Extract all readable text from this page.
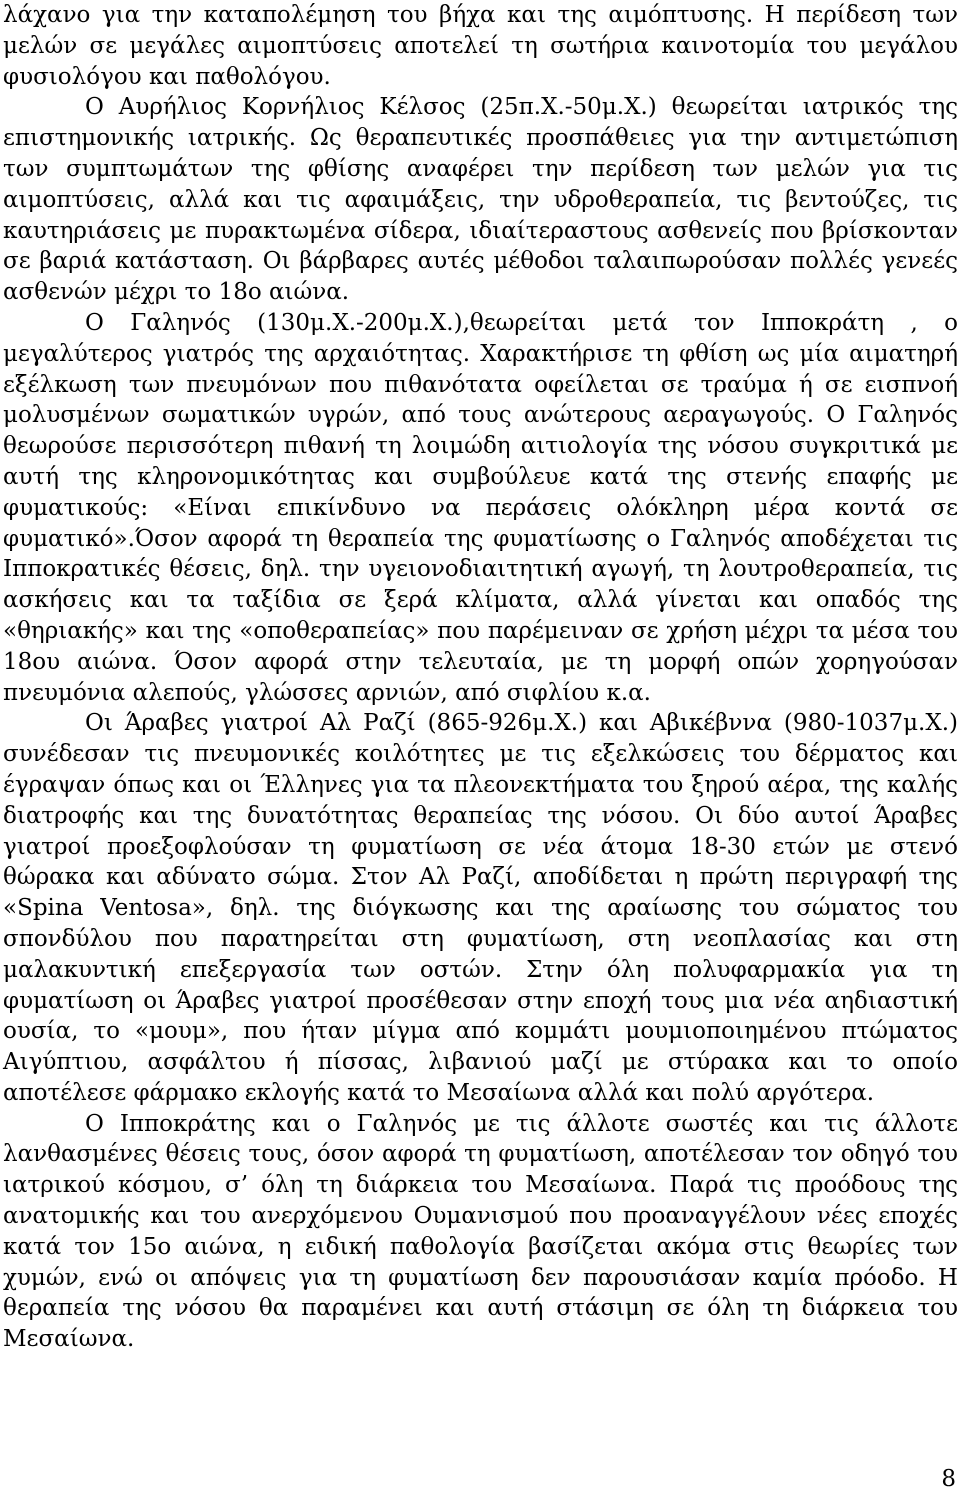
λάχανο για την καταπολέμηση του βήχα και της αιμόπτυσης. Η περίδεση των μελών σε μεγάλες αιμοπτύσεις αποτελεί τη σωτήρια καινοτομία του μεγάλου φυσιολόγου και παθολόγου.

Ο Αυρήλιος Κορνήλιος Κέλσος (25π.Χ.-50μ.Χ.) θεωρείται ιατρικός της επιστημονικής ιατρικής. Ως θεραπευτικές προσπάθειες για την αντιμετώπιση των συμπτωμάτων της φθίσης αναφέρει την περίδεση των μελών για τις αιμοπτύσεις, αλλά και τις αφαιμάξεις, την υδροθεραπεία, τις βεντούζες, τις καυτηριάσεις με πυρακτωμένα σίδερα, ιδιαίτεραστους ασθενείς που βρίσκονταν σε βαριά κατάσταση. Οι βάρβαρες αυτές μέθοδοι ταλαιπωρούσαν πολλές γενεές ασθενών μέχρι το 18ο αιώνα.

Ο Γαληνός (130μ.Χ.-200μ.Χ.),θεωρείται μετά τον Ιπποκράτη , ο μεγαλύτερος γιατρός της αρχαιότητας. Χαρακτήρισε τη φθίση ως μία αιματηρή εξέλκωση των πνευμόνων που πιθανότατα οφείλεται σε τραύμα ή σε εισπνοή μολυσμένων σωματικών υγρών, από τους ανώτερους αεραγωγούς. Ο Γαληνός θεωρούσε περισσότερη πιθανή τη λοιμώδη αιτιολογία της νόσου συγκριτικά με αυτή της κληρονομικότητας και συμβούλευε κατά της στενής επαφής με φυματικούς: «Είναι επικίνδυνο να περάσεις ολόκληρη μέρα κοντά σε φυματικό».Όσον αφορά τη θεραπεία της φυματίωσης ο Γαληνός αποδέχεται τις Ιπποκρατικές θέσεις, δηλ. την υγειονοδιαιτητική αγωγή, τη λουτροθεραπεία, τις ασκήσεις και τα ταξίδια σε ξερά κλίματα, αλλά γίνεται και οπαδός της «θηριακής» και της «οποθεραπείας» που παρέμειναν σε χρήση μέχρι τα μέσα του 18ου αιώνα. Όσον αφορά στην τελευταία, με τη μορφή οπών χορηγούσαν πνευμόνια αλεπούς, γλώσσες αρνιών, από σιφλίου κ.α.

Οι Άραβες γιατροί Αλ Ραζί (865-926μ.Χ.) και Αβικέβννα (980-1037μ.Χ.) συνέδεσαν τις πνευμονικές κοιλότητες με τις εξελκώσεις του δέρματος και έγραψαν όπως και οι Έλληνες για τα πλεονεκτήματα του ξηρού αέρα, της καλής διατροφής και της δυνατότητας θεραπείας της νόσου. Οι δύο αυτοί Άραβες γιατροί προεξοφλούσαν τη φυματίωση σε νέα άτομα 18-30 ετών με στενό θώρακα και αδύνατο σώμα. Στον Αλ Ραζί, αποδίδεται η πρώτη περιγραφή της «Spina Ventosa», δηλ. της διόγκωσης και της αραίωσης του σώματος του σπονδύλου που παρατηρείται στη φυματίωση, στη νεοπλασίας και στη μαλακυντική επεξεργασία των οστών. Στην όλη πολυφαρμακία για τη φυματίωση οι Άραβες γιατροί προσέθεσαν στην εποχή τους μια νέα αηδιαστική ουσία, το «μουμ», που ήταν μίγμα από κομμάτι μουμιοποιημένου πτώματος Αιγύπτιου, ασφάλτου ή πίσσας, λιβανιού μαζί με στύρακα και το οποίο αποτέλεσε φάρμακο εκλογής κατά το Μεσαίωνα αλλά και πολύ αργότερα.

Ο Ιπποκράτης και ο Γαληνός με τις άλλοτε σωστές και τις άλλοτε λανθασμένες θέσεις τους, όσον αφορά τη φυματίωση, αποτέλεσαν τον οδηγό του ιατρικού κόσμου, σ’ όλη τη διάρκεια του Μεσαίωνα. Παρά τις προόδους της ανατομικής και του ανερχόμενου Ουμανισμού που προαναγγέλουν νέες εποχές κατά τον 15ο αιώνα, η ειδική παθολογία βασίζεται ακόμα στις θεωρίες των χυμών, ενώ οι απόψεις για τη φυματίωση δεν παρουσιάσαν καμία πρόοδο. Η θεραπεία της νόσου θα παραμένει και αυτή στάσιμη σε όλη τη διάρκεια του Μεσαίωνα.

8
